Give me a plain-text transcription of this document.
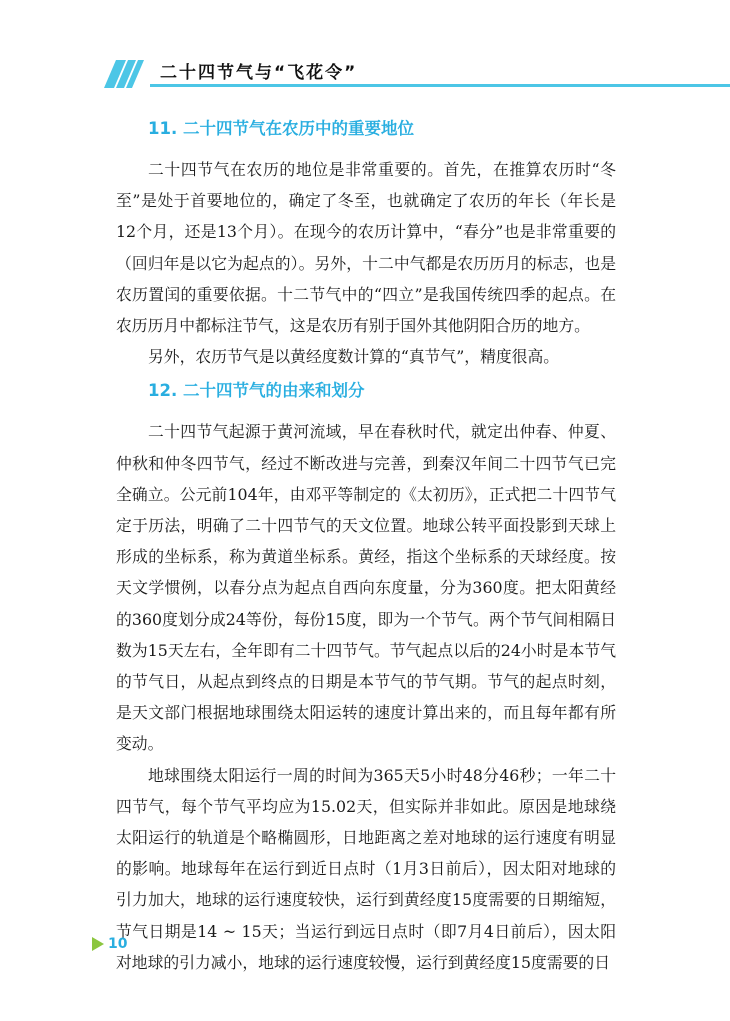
二十四节气与“飞花令”
11. 二十四节气在农历中的重要地位

二十四节气在农历的地位是非常重要的。首先，在推算农历时“冬至”是处于首要地位的，确定了冬至，也就确定了农历的年长（年长是12个月，还是13个月）。在现今的农历计算中，“春分”也是非常重要的（回归年是以它为起点的）。另外，十二中气都是农历历月的标志，也是农历置闰的重要依据。十二节气中的“四立”是我国传统四季的起点。在农历历月中都标注节气，这是农历有别于国外其他阴阳合历的地方。

另外，农历节气是以黄经度数计算的“真节气”，精度很高。

12. 二十四节气的由来和划分

二十四节气起源于黄河流域，早在春秋时代，就定出仲春、仲夏、仲秋和仲冬四节气，经过不断改进与完善，到秦汉年间二十四节气已完全确立。公元前104年，由邓平等制定的《太初历》，正式把二十四节气定于历法，明确了二十四节气的天文位置。地球公转平面投影到天球上形成的坐标系，称为黄道坐标系。黄经，指这个坐标系的天球经度。按天文学惯例，以春分点为起点自西向东度量，分为360度。把太阳黄经的360度划分成24等份，每份15度，即为一个节气。两个节气间相隔日数为15天左右，全年即有二十四节气。节气起点以后的24小时是本节气的节气日，从起点到终点的日期是本节气的节气期。节气的起点时刻，是天文部门根据地球围绕太阳运转的速度计算出来的，而且每年都有所变动。

地球围绕太阳运行一周的时间为365天5小时48分46秒；一年二十四节气，每个节气平均应为15.02天，但实际并非如此。原因是地球绕太阳运行的轨道是个略椭圆形，日地距离之差对地球的运行速度有明显的影响。地球每年在运行到近日点时（1月3日前后），因太阳对地球的引力加大，地球的运行速度较快，运行到黄经度15度需要的日期缩短，节气日期是14 ~ 15天；当运行到远日点时（即7月4日前后），因太阳对地球的引力减小，地球的运行速度较慢，运行到黄经度15度需要的日

10
